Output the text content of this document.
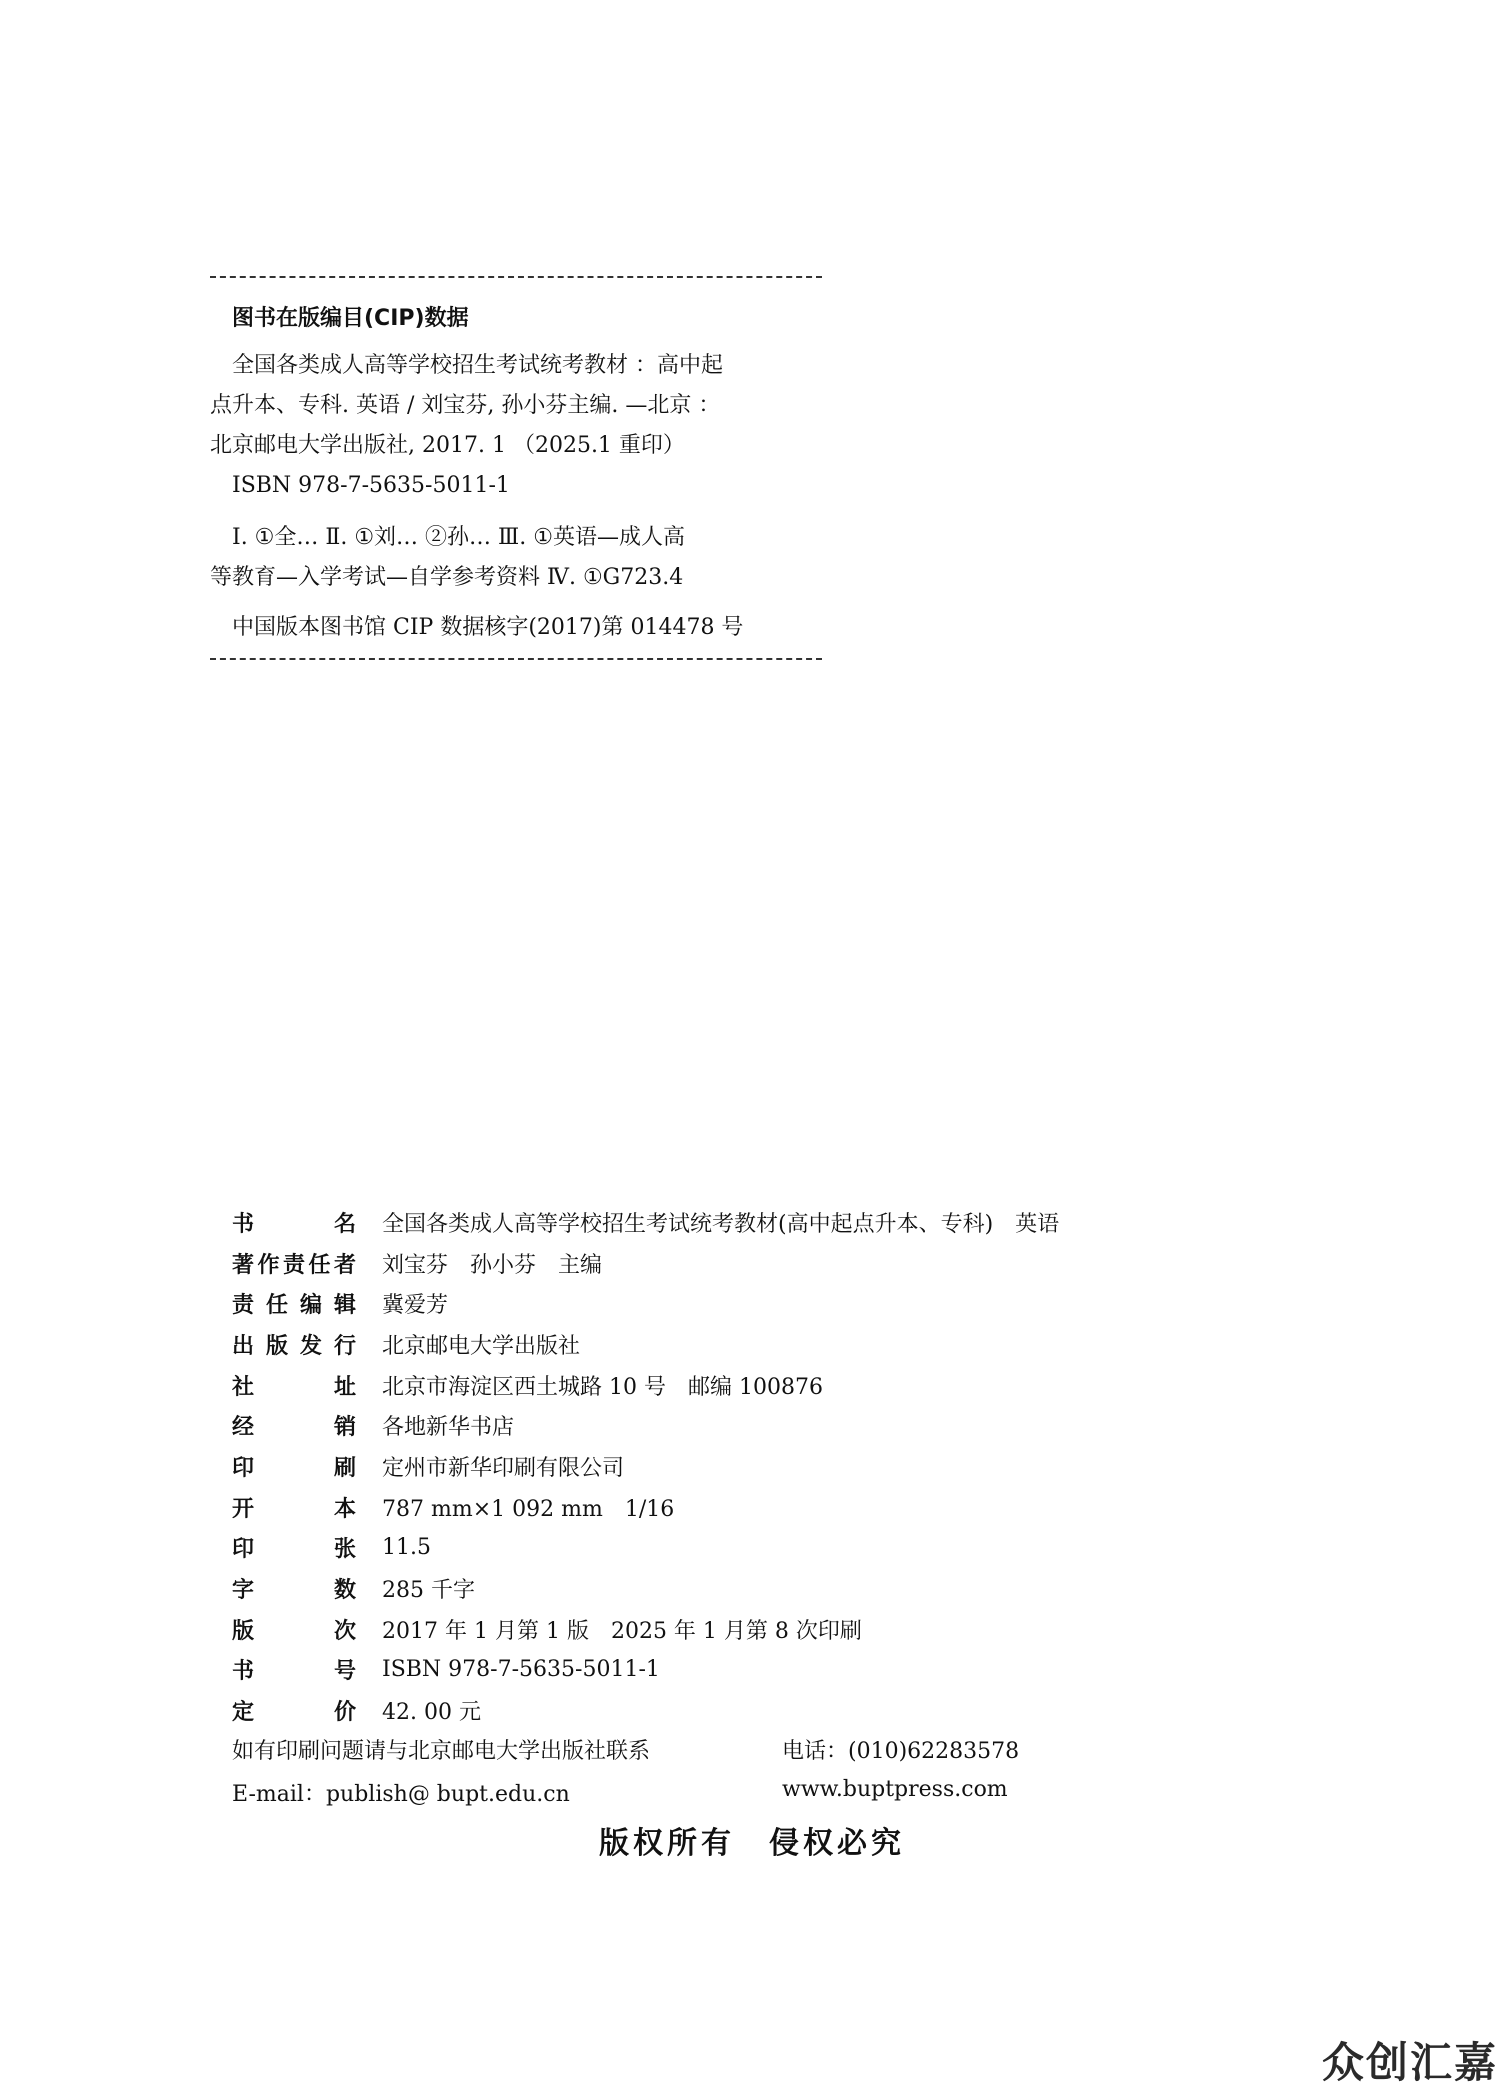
图书在版编目(CIP)数据

全国各类成人高等学校招生考试统考教材 ：高中起

点升本、专科. 英语 / 刘宝芬, 孙小芬主编. —北京 ：

北京邮电大学出版社, 2017. 1 （2025.1 重印）

ISBN 978-7-5635-5011-1

Ⅰ. ①全… Ⅱ. ①刘… ②孙… Ⅲ. ①英语—成人高

等教育—入学考试—自学参考资料 Ⅳ. ①G723.4

中国版本图书馆 CIP 数据核字(2017)第 014478 号

书	名 全国各类成人高等学校招生考试统考教材(高中起点升本、专科)　英语
著 作 责 任 者 刘宝芬　孙小芬　主编
责 任 编 辑 冀爱芳
出 版 发 行 北京邮电大学出版社
社	址 北京市海淀区西土城路 10 号　邮编 100876
经	销 各地新华书店
印	刷 定州市新华印刷有限公司
开	本 787 mm×1 092 mm　1/16
印	张 11.5
字	数 285 千字
版	次 2017 年 1 月第 1 版　2025 年 1 月第 8 次印刷
书	号 ISBN 978-7-5635-5011-1
定	价 42. 00 元
如有印刷问题请与北京邮电大学出版社联系	电话：(010)62283578
E-mail：publish@ bupt.edu.cn	www.buptpress.com
版权所有　侵权必究
众创汇嘉
